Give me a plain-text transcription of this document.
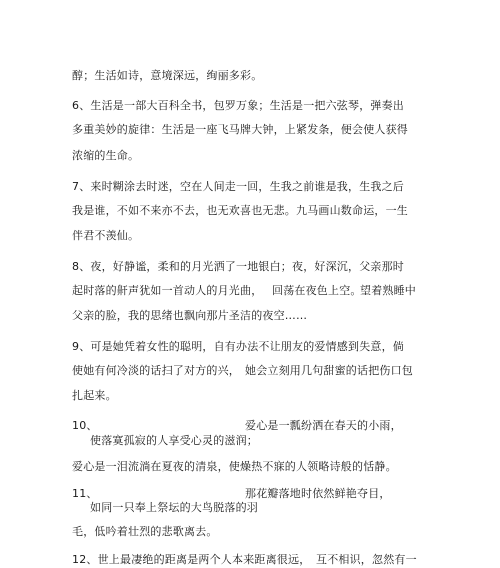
醇；生活如诗，意境深远，绚丽多彩。
6、生活是一部大百科全书，包罗万象；生活是一把六弦琴，弹奏出
多重美妙的旋律：生活是一座飞马牌大钟，上紧发条，便会使人获得
浓缩的生命。
7、来时糊涂去时迷，空在人间走一回，生我之前谁是我，生我之后
我是谁，不如不来亦不去，也无欢喜也无悲。九马画山数命运，一生
伴君不羡仙。
8、夜，好静谧，柔和的月光洒了一地银白；夜，好深沉，父亲那时
起时落的鼾声犹如一首动人的月光曲， 回荡在夜色上空。
望着熟睡中
父亲的脸，我的思绪也飘向那片圣洁的夜空……
9、可是她凭着女性的聪明，自有办法不让朋友的爱情感到失意，倘
使她有何冷淡的话扫了对方的兴， 她会立刻用几句甜蜜的话把伤口包
扎起来。
10、	爱心是一瓢纷洒在春天的小雨，
使落寞孤寂的人享受心灵的滋润；
爱心是一泪流淌在夏夜的清泉，使燥热不寐的人领略诗般的恬静。
11、	那花瓣落地时依然鲜艳夺目，
如同一只奉上祭坛的大鸟脱落的羽
毛，低吟着壮烈的悲歌离去。
12、世上最凄绝的距离是两个人本来距离很远， 互不相识，忽然有一
